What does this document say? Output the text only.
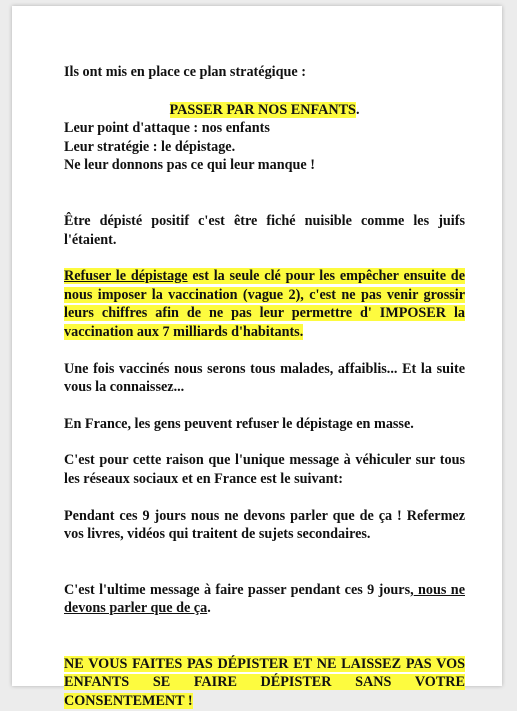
Ils ont mis en place ce plan stratégique :

PASSER PAR NOS ENFANTS.

Leur point d'attaque : nos enfants

Leur stratégie : le dépistage.

Ne leur donnons pas ce qui leur manque !

Être dépisté positif c'est être fiché nuisible comme les juifs l'étaient.

Refuser le dépistage est la seule clé pour les empêcher ensuite de nous imposer la vaccination (vague 2), c'est ne pas venir grossir leurs chiffres afin de ne pas leur permettre d' IMPOSER la vaccination aux 7 milliards d'habitants.

Une fois vaccinés nous serons tous malades, affaiblis... Et la suite vous la connaissez...

En France, les gens peuvent refuser le dépistage en masse.

C'est pour cette raison que l'unique message à véhiculer sur tous les réseaux sociaux et en France est le suivant:

Pendant ces 9 jours nous ne devons parler que de ça ! Refermez vos livres, vidéos qui traitent de sujets secondaires.

C'est l'ultime message à faire passer pendant ces 9 jours, nous ne devons parler que de ça.

NE VOUS FAITES PAS DÉPISTER ET NE LAISSEZ PAS VOS ENFANTS SE FAIRE DÉPISTER SANS VOTRE CONSENTEMENT !
